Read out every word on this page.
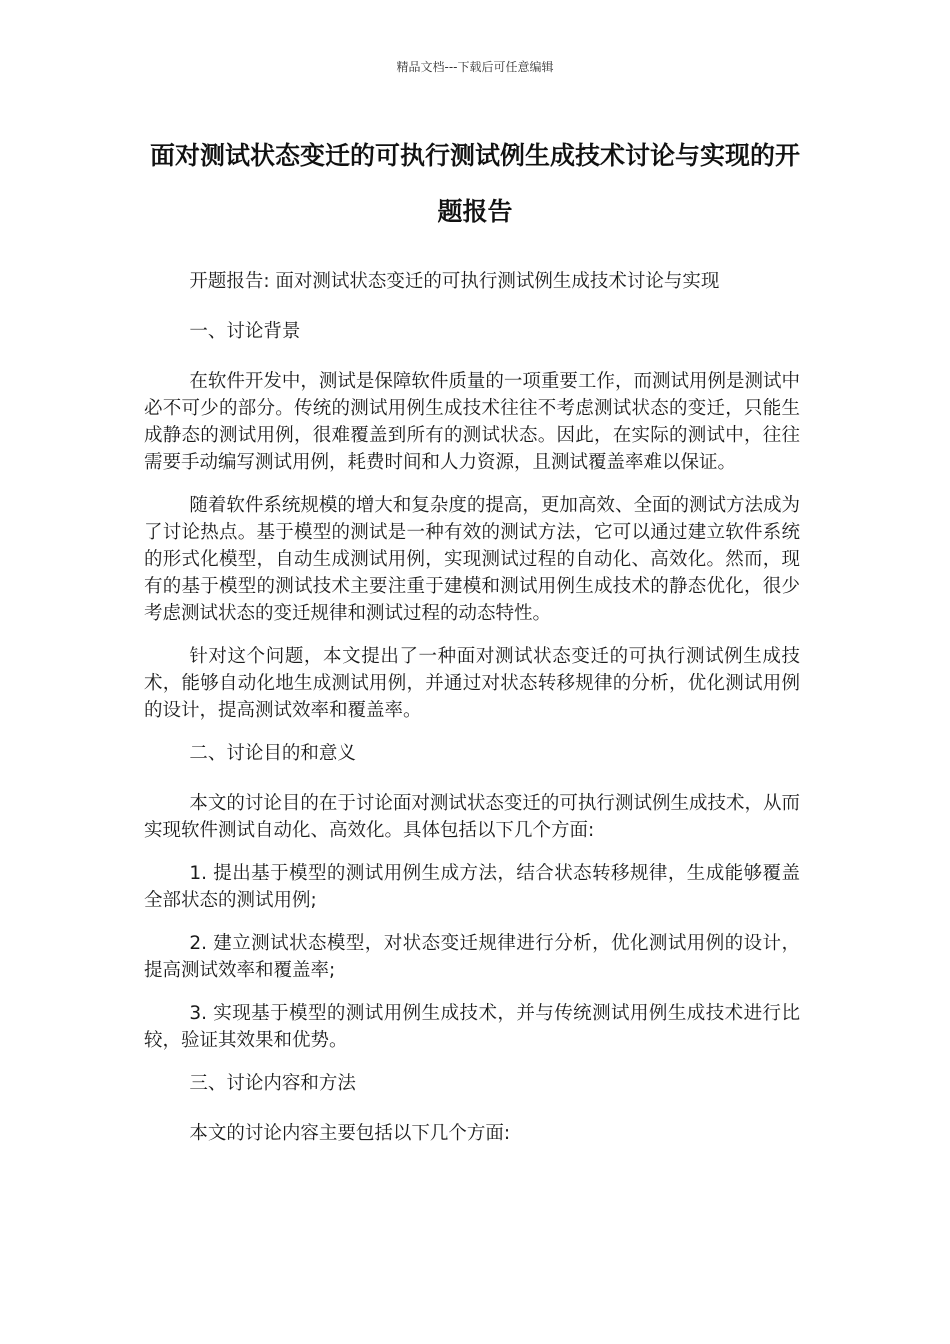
精品文档---下载后可任意编辑
面对测试状态变迁的可执行测试例生成技术讨论与实现的开题报告

开题报告: 面对测试状态变迁的可执行测试例生成技术讨论与实现

一、讨论背景

在软件开发中，测试是保障软件质量的一项重要工作，而测试用例是测试中必不可少的部分。传统的测试用例生成技术往往不考虑测试状态的变迁，只能生成静态的测试用例，很难覆盖到所有的测试状态。因此，在实际的测试中，往往需要手动编写测试用例，耗费时间和人力资源，且测试覆盖率难以保证。

随着软件系统规模的增大和复杂度的提高，更加高效、全面的测试方法成为了讨论热点。基于模型的测试是一种有效的测试方法，它可以通过建立软件系统的形式化模型，自动生成测试用例，实现测试过程的自动化、高效化。然而，现有的基于模型的测试技术主要注重于建模和测试用例生成技术的静态优化，很少考虑测试状态的变迁规律和测试过程的动态特性。

针对这个问题，本文提出了一种面对测试状态变迁的可执行测试例生成技术，能够自动化地生成测试用例，并通过对状态转移规律的分析，优化测试用例的设计，提高测试效率和覆盖率。

二、讨论目的和意义

本文的讨论目的在于讨论面对测试状态变迁的可执行测试例生成技术，从而实现软件测试自动化、高效化。具体包括以下几个方面:

1. 提出基于模型的测试用例生成方法，结合状态转移规律，生成能够覆盖全部状态的测试用例;

2. 建立测试状态模型，对状态变迁规律进行分析，优化测试用例的设计，提高测试效率和覆盖率;

3. 实现基于模型的测试用例生成技术，并与传统测试用例生成技术进行比较，验证其效果和优势。

三、讨论内容和方法

本文的讨论内容主要包括以下几个方面:
